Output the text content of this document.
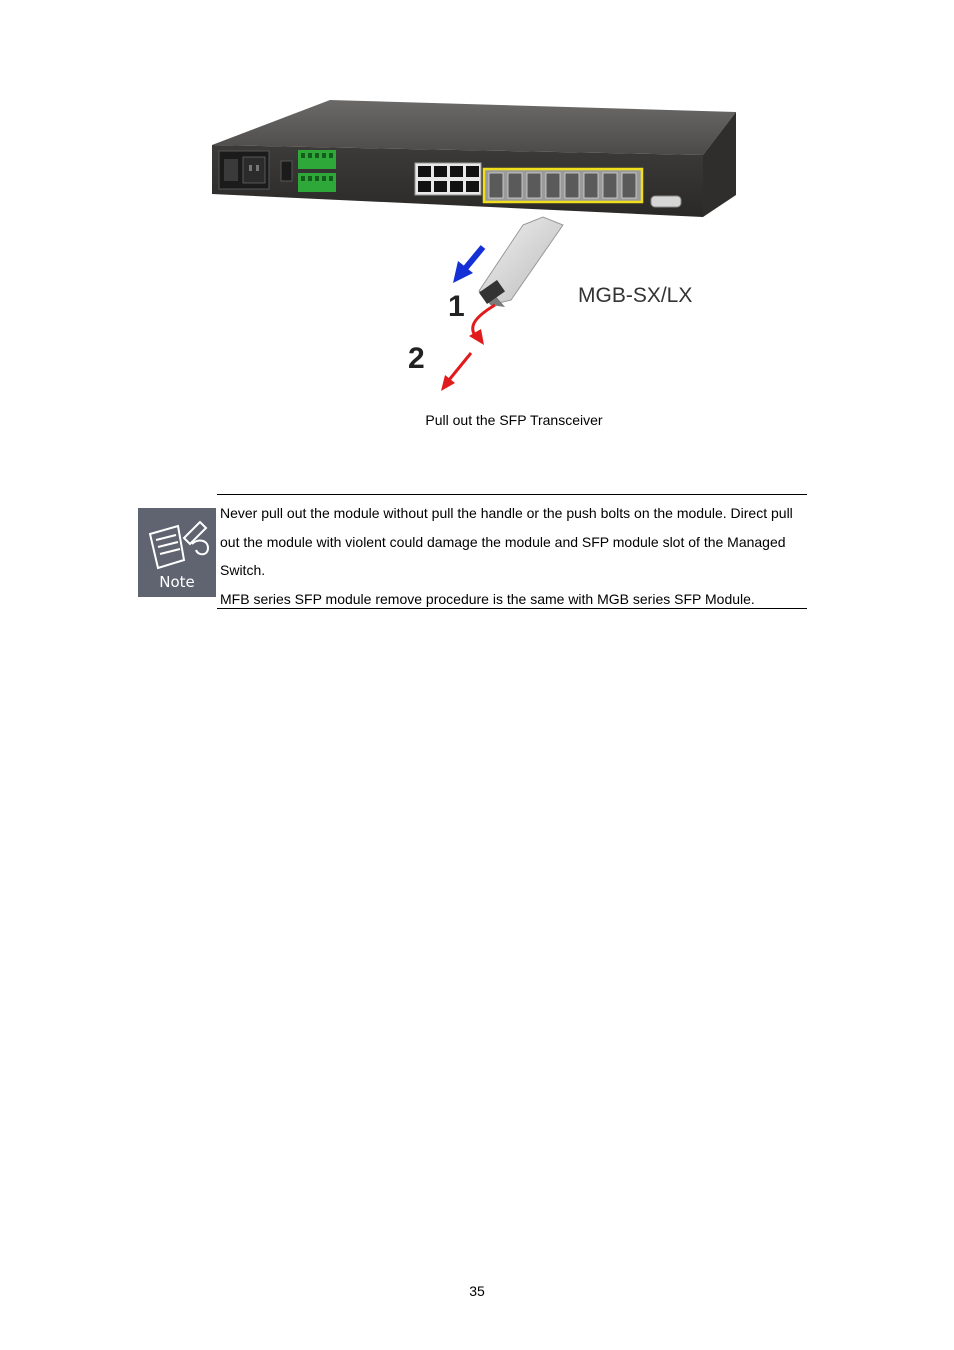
1
2
MGB-SX/LX
Pull out the SFP Transceiver
Note

Never pull out the module without pull the handle or the push bolts on the module. Direct pull out the module with violent could damage the module and SFP module slot of the Managed Switch.

MFB series SFP module remove procedure is the same with MGB series SFP Module.

35
